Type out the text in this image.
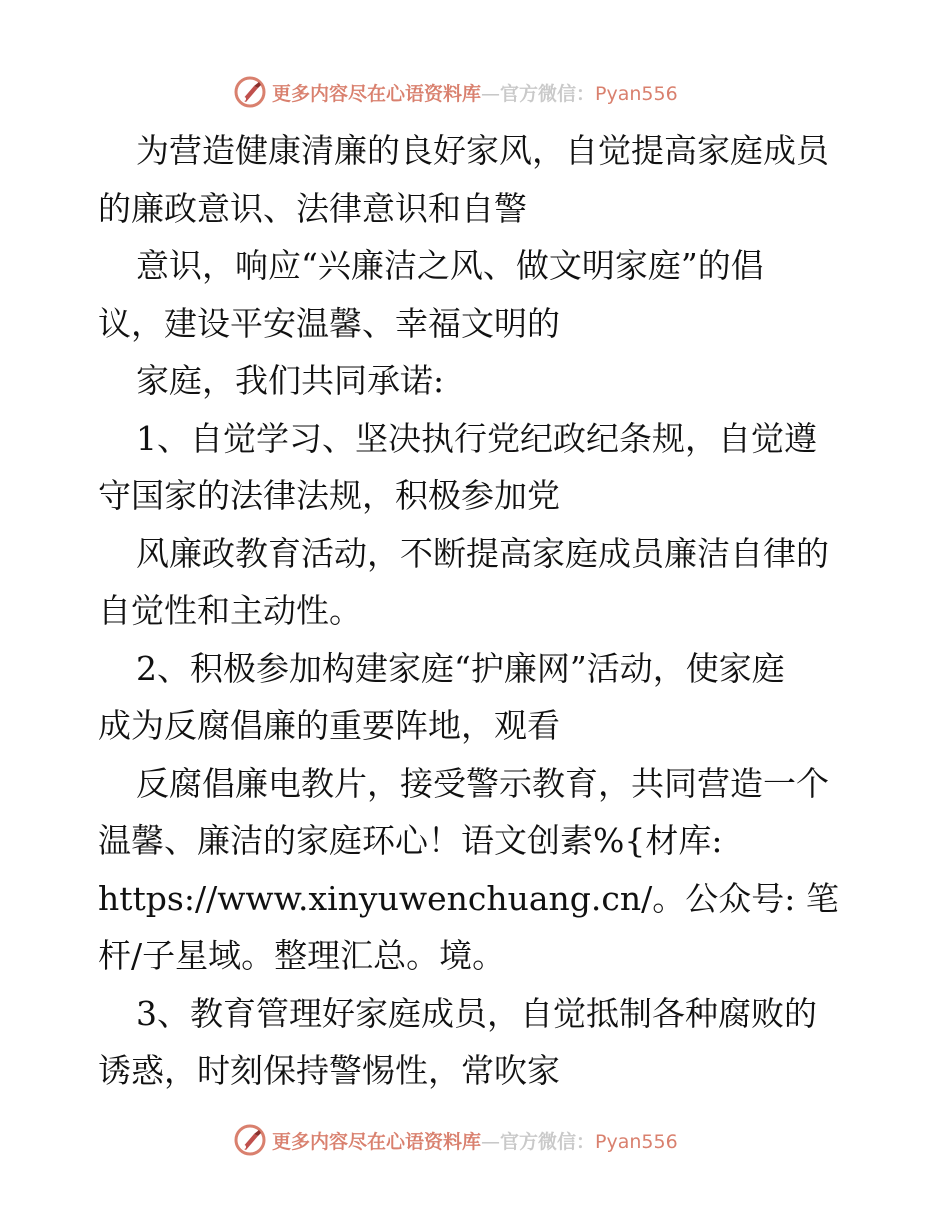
更多内容尽在心语资料库—官方微信：Pyan556
为营造健康清廉的良好家风，自觉提高家庭成员
的廉政意识、法律意识和自警
意识，响应“兴廉洁之风、做文明家庭”的倡
议，建设平安温馨、幸福文明的
家庭，我们共同承诺:
1、自觉学习、坚决执行党纪政纪条规，自觉遵
守国家的法律法规，积极参加党
风廉政教育活动，不断提高家庭成员廉洁自律的
自觉性和主动性。
2、积极参加构建家庭“护廉网”活动，使家庭
成为反腐倡廉的重要阵地，观看
反腐倡廉电教片，接受警示教育，共同营造一个
温馨、廉洁的家庭环心！语文创素%{材库:
https://www.xinyuwenchuang.cn/。公众号: 笔
杆/子星域。整理汇总。境。
3、教育管理好家庭成员，自觉抵制各种腐败的
诱惑，时刻保持警惕性，常吹家
更多内容尽在心语资料库—官方微信：Pyan556
